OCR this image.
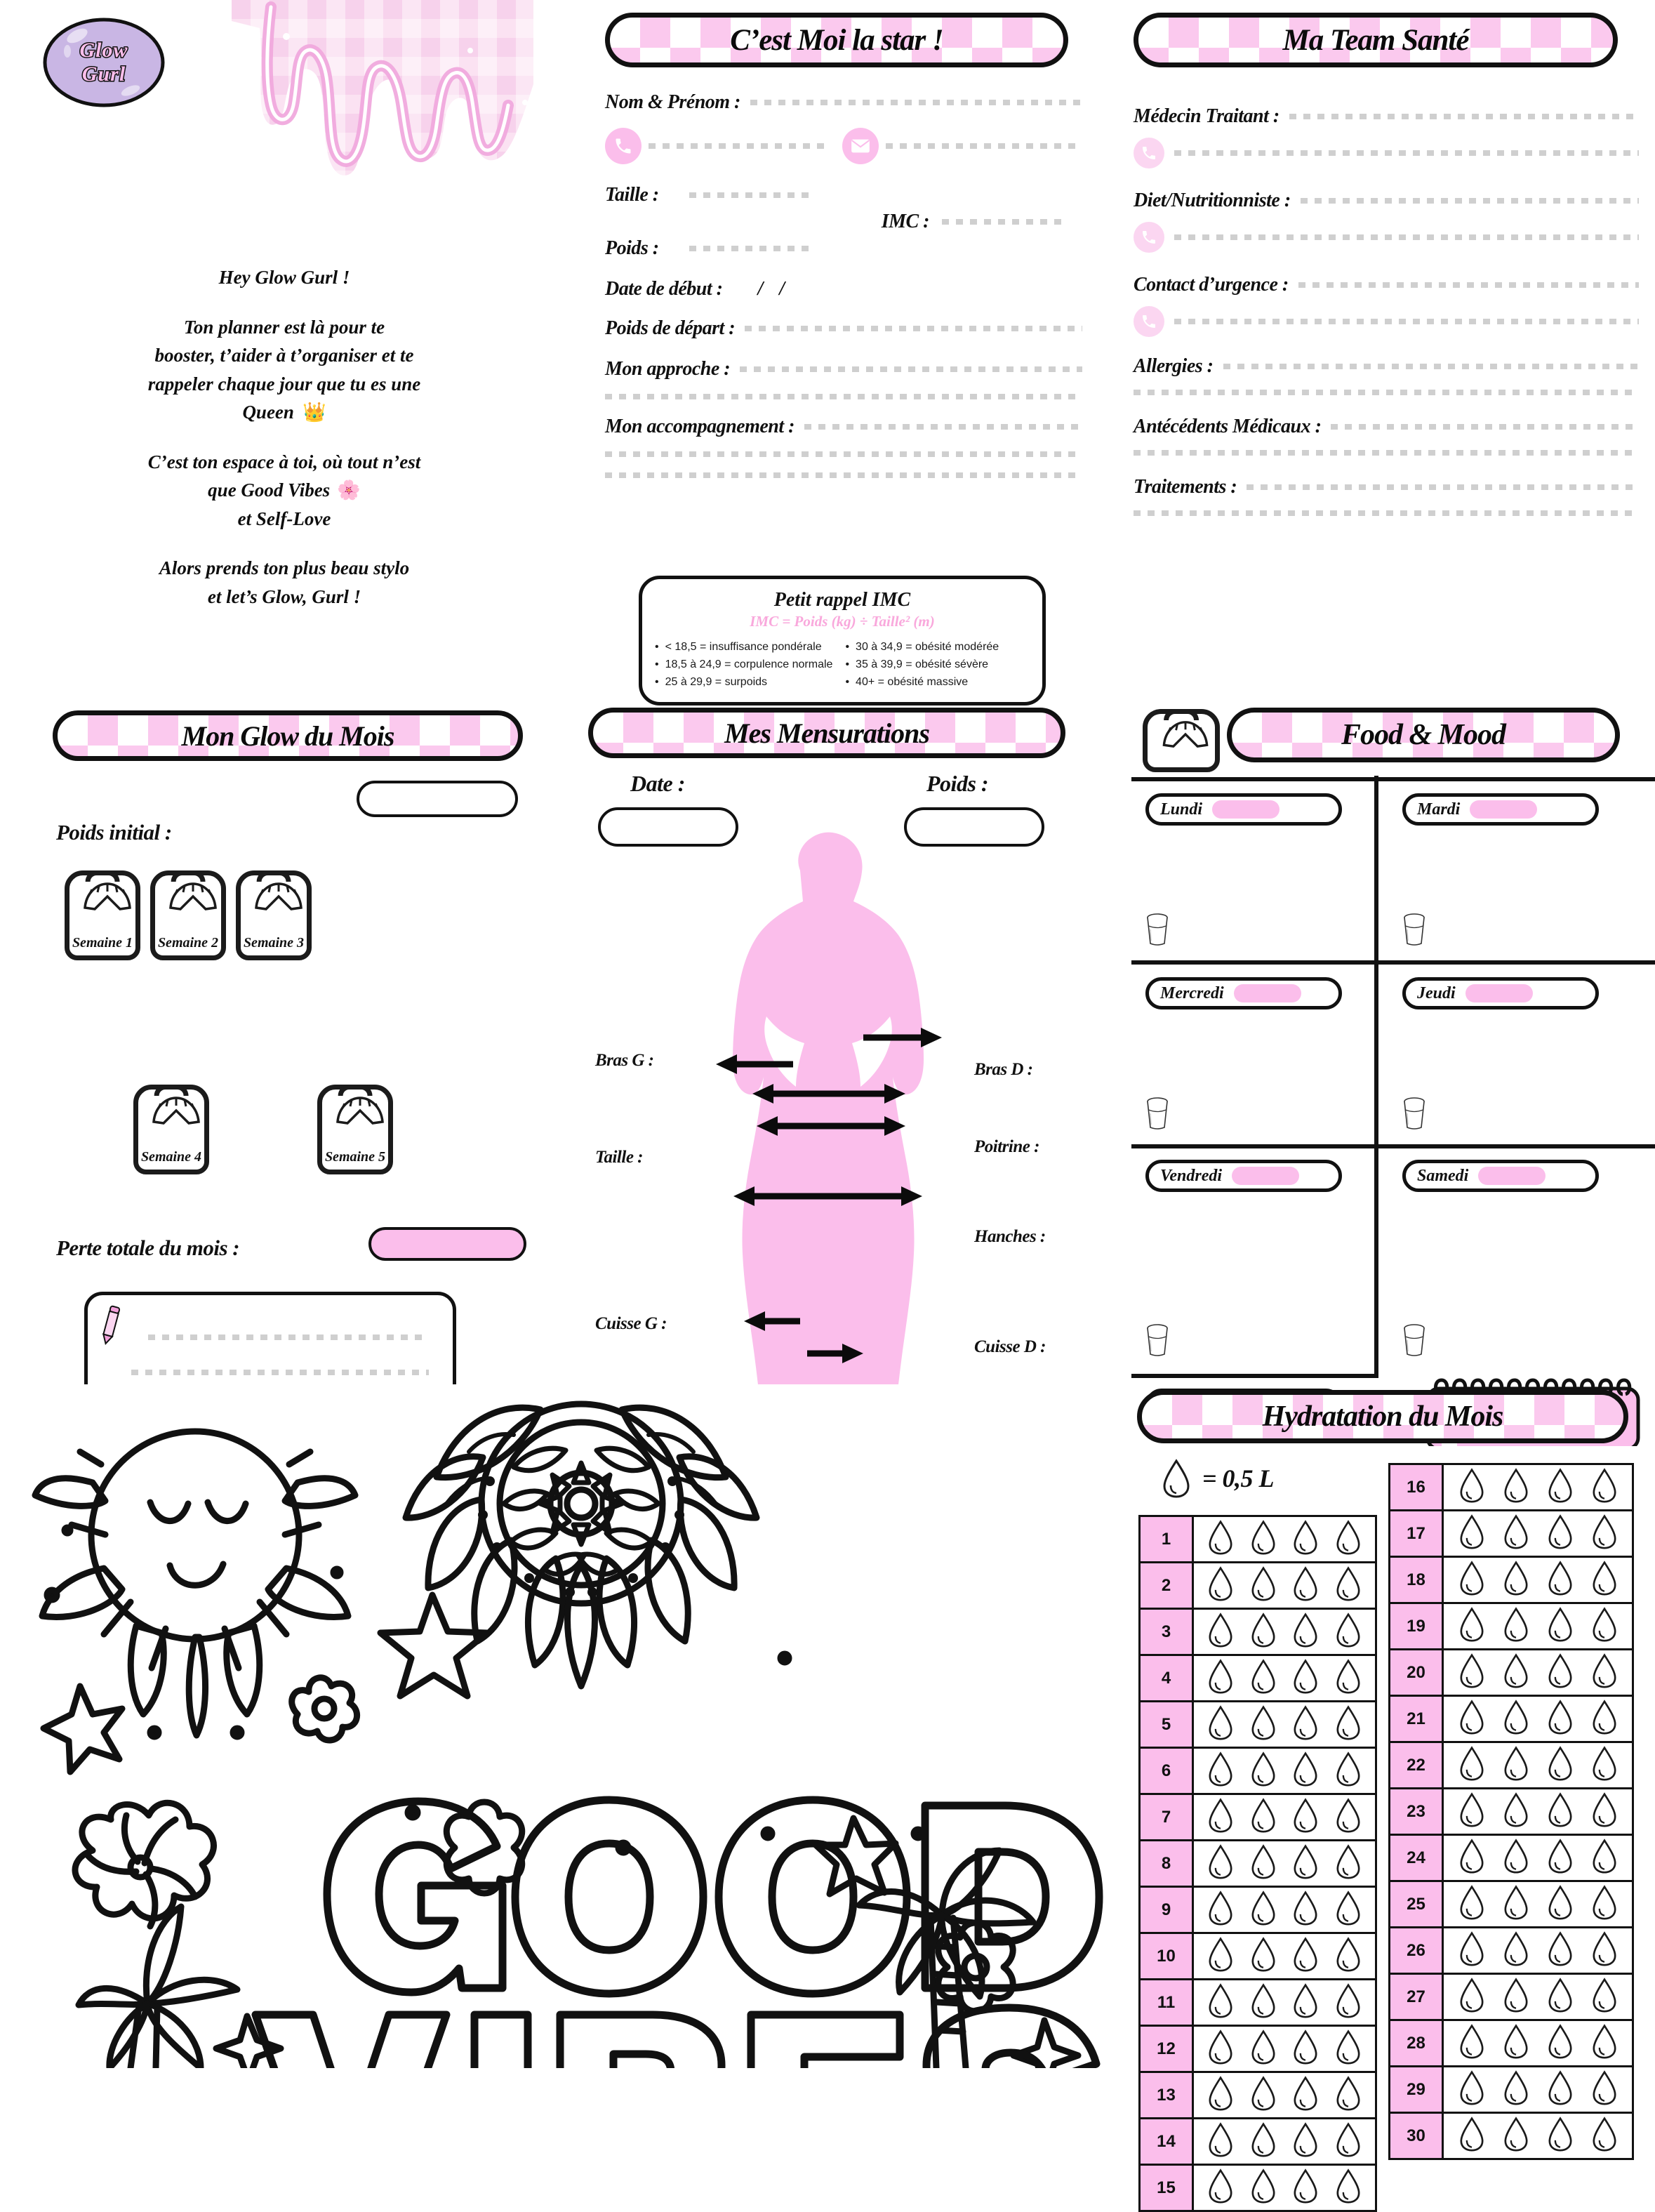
Glow
Gurl
Hey Glow Gurl !
Ton planner est là pour te
booster, t’aider à t’organiser et te
rappeler chaque jour que tu es une
Queen 👑
C’est ton espace à toi, où tout n’est
que Good Vibes 🌸
et Self-Love
Alors prends ton plus beau stylo
et let’s Glow, Gurl !
C’est Moi la star !
Nom & Prénom :
Taille :
IMC :
Poids :
Date de début : / /
Poids de départ :
Mon approche :
Mon accompagnement :
Petit rappel IMC
IMC = Poids (kg) ÷ Taille² (m)
• < 18,5 = insuffisance pondérale
• 18,5 à 24,9 = corpulence normale
• 25 à 29,9 = surpoids
• 30 à 34,9 = obésité modérée
• 35 à 39,9 = obésité sévère
• 40+ = obésité massive
Ma Team Santé
Médecin Traitant :
Diet/Nutritionniste :
Contact d’urgence :
Allergies :
Antécédents Médicaux :
Traitements :
Mon Glow du Mois
Poids initial :
Semaine 1 Semaine 2 Semaine 3
Semaine 4	Semaine 5
Perte totale du mois :
Mes Mensurations
Date :	Poids :
Bras G :
Taille :
Cuisse G :
Bras D :
Poitrine :
Hanches :
Cuisse D :
Food & Mood
Lundi	Mardi
Mercredi	Jeudi
Vendredi	Samedi
Hydratation du Mois
= 0,5 L
1
2
3
4
5
6
7
8
9
10
11
12
13
14
15
16
17
18
19
20
21
22
23
24
25
26
27
28
29
30
